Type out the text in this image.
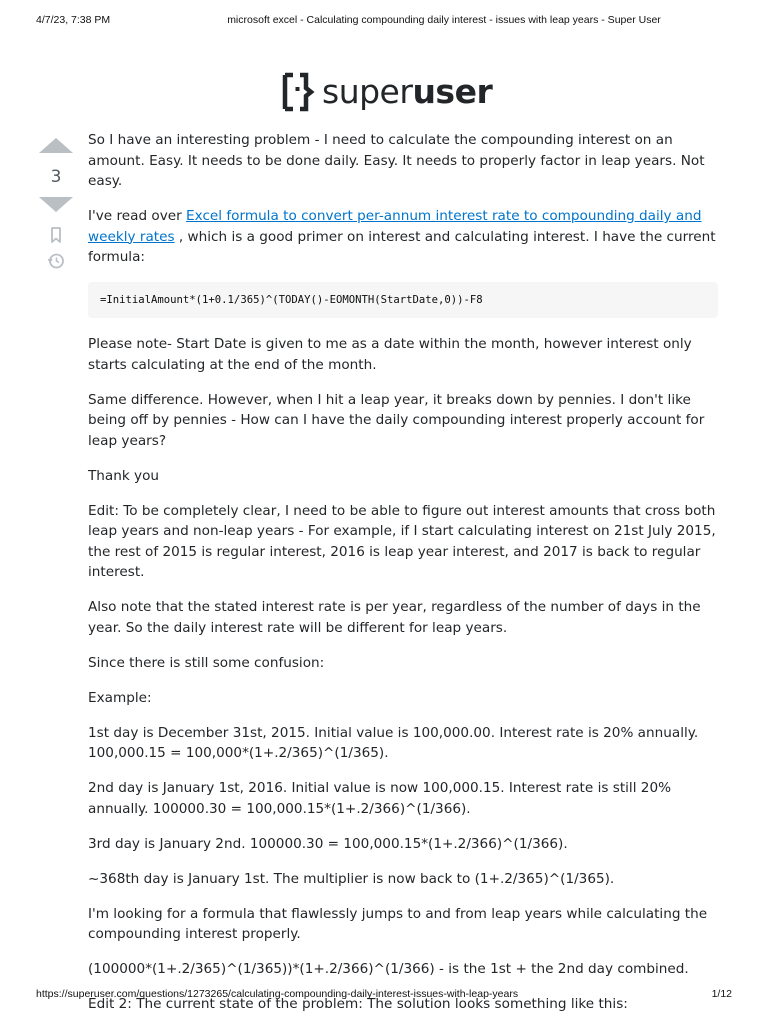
4/7/23, 7:38 PM	microsoft excel - Calculating compounding daily interest - issues with leap years - Super User
superuser
3

So I have an interesting problem - I need to calculate the compounding interest on an amount. Easy. It needs to be done daily. Easy. It needs to properly factor in leap years. Not easy.

I've read over Excel formula to convert per-annum interest rate to compounding daily and weekly rates , which is a good primer on interest and calculating interest. I have the current formula:

=InitialAmount*(1+0.1/365)^(TODAY()-EOMONTH(StartDate,0))-F8

Please note- Start Date is given to me as a date within the month, however interest only starts calculating at the end of the month.

Same difference. However, when I hit a leap year, it breaks down by pennies. I don't like being off by pennies - How can I have the daily compounding interest properly account for leap years?

Thank you

Edit: To be completely clear, I need to be able to figure out interest amounts that cross both leap years and non-leap years - For example, if I start calculating interest on 21st July 2015, the rest of 2015 is regular interest, 2016 is leap year interest, and 2017 is back to regular interest.

Also note that the stated interest rate is per year, regardless of the number of days in the year. So the daily interest rate will be different for leap years.

Since there is still some confusion:

Example:

1st day is December 31st, 2015. Initial value is 100,000.00. Interest rate is 20% annually. 100,000.15 = 100,000*(1+.2/365)^(1/365).

2nd day is January 1st, 2016. Initial value is now 100,000.15. Interest rate is still 20% annually. 100000.30 = 100,000.15*(1+.2/366)^(1/366).

3rd day is January 2nd. 100000.30 = 100,000.15*(1+.2/366)^(1/366).

~368th day is January 1st. The multiplier is now back to (1+.2/365)^(1/365).

I'm looking for a formula that flawlessly jumps to and from leap years while calculating the compounding interest properly.

(100000*(1+.2/365)^(1/365))*(1+.2/366)^(1/366) - is the 1st + the 2nd day combined.

Edit 2: The current state of the problem: The solution looks something like this:

https://superuser.com/questions/1273265/calculating-compounding-daily-interest-issues-with-leap-years	1/12
